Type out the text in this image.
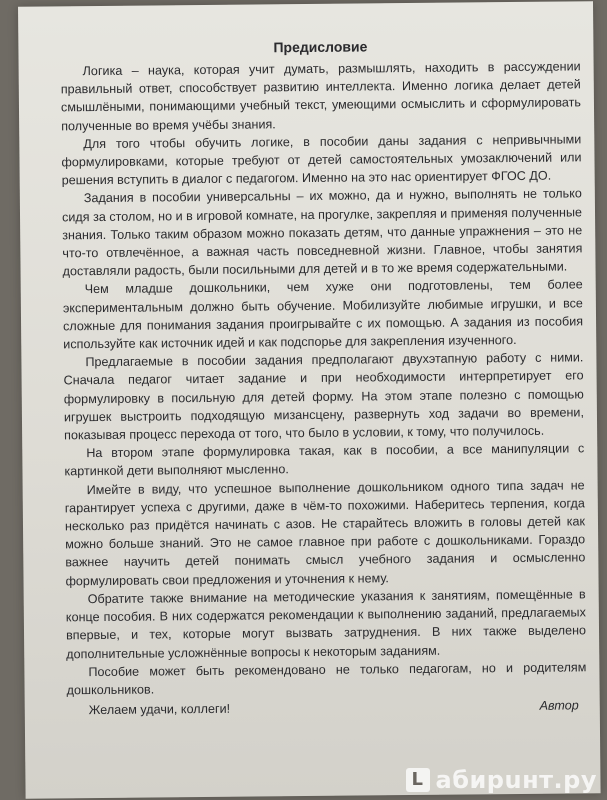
Предисловие

Логика – наука, которая учит думать, размышлять, находить в рассуждении правильный ответ, способствует развитию интеллекта. Именно логика делает детей смышлёными, понимающими учебный текст, умеющими осмыслить и сформулировать полученные во время учёбы знания.

Для того чтобы обучить логике, в пособии даны задания с непривычными формулировками, которые требуют от детей самостоятельных умозаключений или решения вступить в диалог с педагогом. Именно на это нас ориентирует ФГОС ДО.

Задания в пособии универсальны – их можно, да и нужно, выполнять не только сидя за столом, но и в игровой комнате, на прогулке, закрепляя и применяя полученные знания. Только таким образом можно показать детям, что данные упражнения – это не что-то отвлечённое, а важная часть повседневной жизни. Главное, чтобы занятия доставляли радость, были посильными для детей и в то же время содержательными.

Чем младше дошкольники, чем хуже они подготовлены, тем более экспериментальным должно быть обучение. Мобилизуйте любимые игрушки, и все сложные для понимания задания проигрывайте с их помощью. А задания из пособия используйте как источник идей и как подспорье для закрепления изученного.

Предлагаемые в пособии задания предполагают двухэтапную работу с ними. Сначала педагог читает задание и при необходимости интерпретирует его формулировку в посильную для детей форму. На этом этапе полезно с помощью игрушек выстроить подходящую мизансцену, развернуть ход задачи во времени, показывая процесс перехода от того, что было в условии, к тому, что получилось.

На втором этапе формулировка такая, как в пособии, а все манипуляции с картинкой дети выполняют мысленно.

Имейте в виду, что успешное выполнение дошкольником одного типа задач не гарантирует успеха с другими, даже в чём-то похожими. Наберитесь терпения, когда несколько раз придётся начинать с азов. Не старайтесь вложить в головы детей как можно больше знаний. Это не самое главное при работе с дошкольниками. Гораздо важнее научить детей понимать смысл учебного задания и осмысленно формулировать свои предложения и уточнения к нему.

Обратите также внимание на методические указания к занятиям, помещённые в конце пособия. В них содержатся рекомендации к выполнению заданий, предлагаемых впервые, и тех, которые могут вызвать затруднения. В них также выделено дополнительные усложнённые вопросы к некоторым заданиям.

Пособие может быть рекомендовано не только педагогам, но и родителям дошкольников.

Желаем удачи, коллеги!	Автор
L абирuнт.ру
